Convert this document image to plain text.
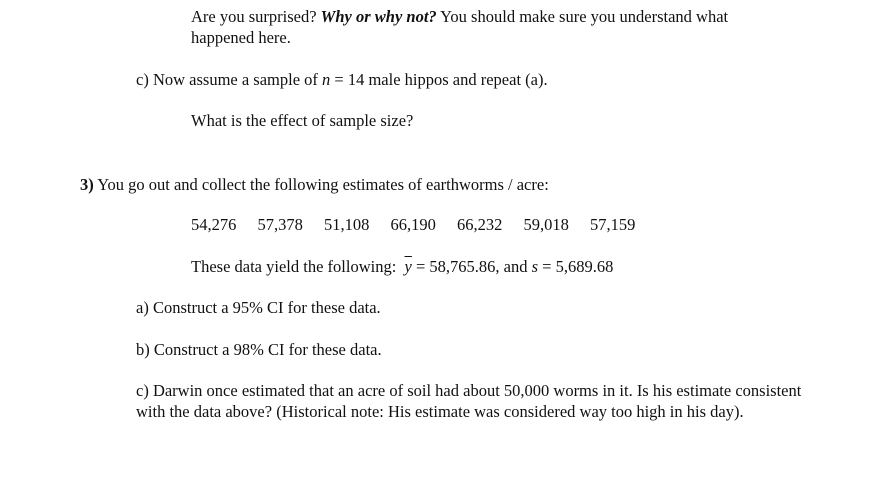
Are you surprised? Why or why not? You should make sure you understand what
happened here.
c) Now assume a sample of n = 14 male hippos and repeat (a).
What is the effect of sample size?
3) You go out and collect the following estimates of earthworms / acre:
54,276 57,378 51,108 66,190 66,232 59,018 57,159
These data yield the following:  $\overline{y} = 58,765.86$, and s = 5,689.68
a) Construct a 95% CI for these data.
b) Construct a 98% CI for these data.
c) Darwin once estimated that an acre of soil had about 50,000 worms in it. Is his estimate consistent with the data above? (Historical note: His estimate was considered way too high in his day).
